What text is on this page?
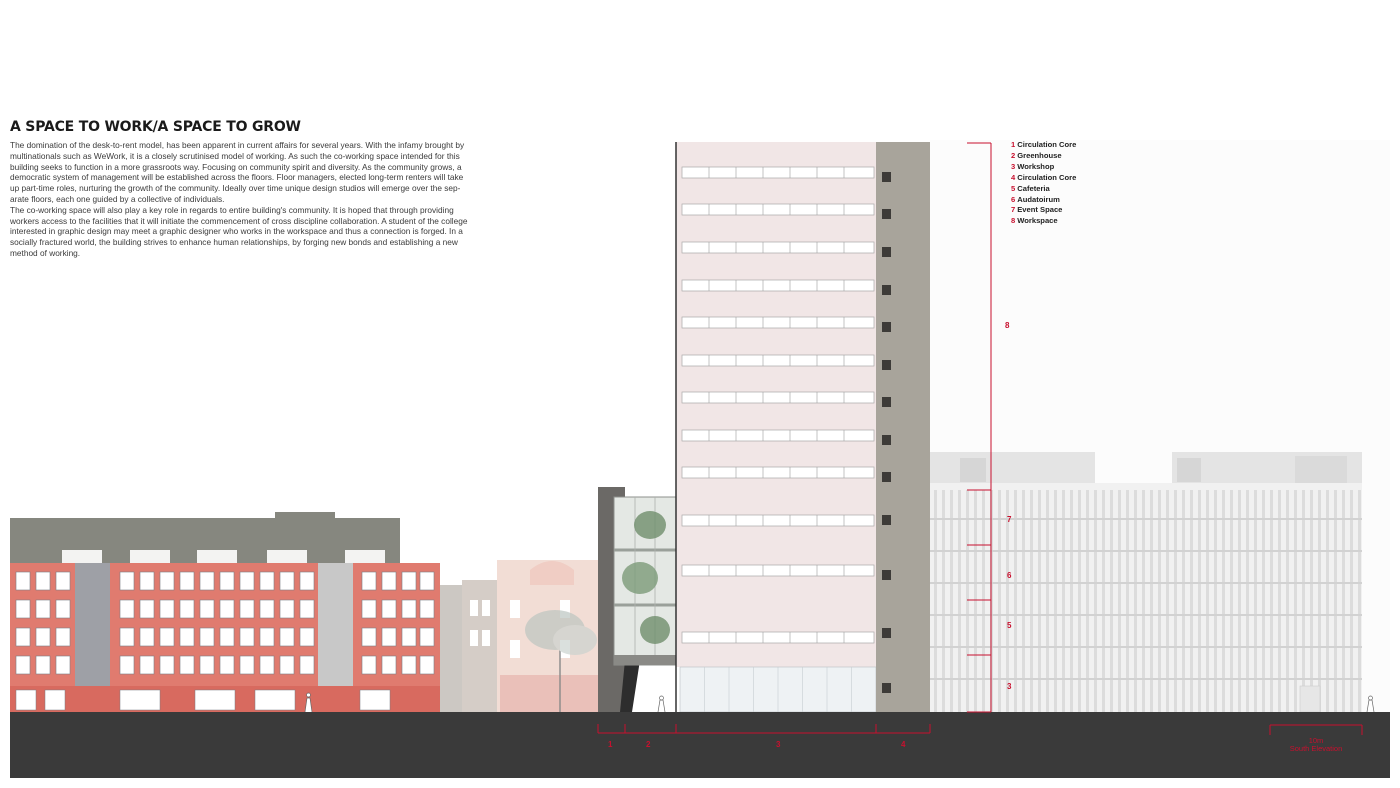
A SPACE TO WORK/A SPACE TO GROW

The domination of the desk-to-rent model, has been apparent in current affairs for several years. With the infamy brought by multinationals such as WeWork, it is a closely scrutinised model of working. As such the co-working space intended for this building seeks to function in a more grassroots way. Focusing on community spirit and diversity. As the community grows, a democratic system of management will be established across the floors. Floor managers, elected long-term renters will take up part-time roles, nurturing the growth of the community. Ideally over time unique design studios will emerge over the sep-arate floors, each one guided by a collective of individuals.

The co-working space will also play a key role in regards to entire building's community. It is hoped that through providing workers access to the facilities that it will initiate the commencement of cross discipline collaboration. A student of the college interested in graphic design may meet a graphic designer who works in the workspace and thus a connection is forged. In a socially fractured world, the building strives to enhance human relationships, by forging new bonds and establishing a new method of working.

1 Circulation Core
2 Greenhouse
3 Workshop
4 Circulation Core
5 Cafeteria
6 Audatoirum
7 Event Space
8 Workspace
8
7
6
5
3
1	2	3	4	10m
South Elevation
